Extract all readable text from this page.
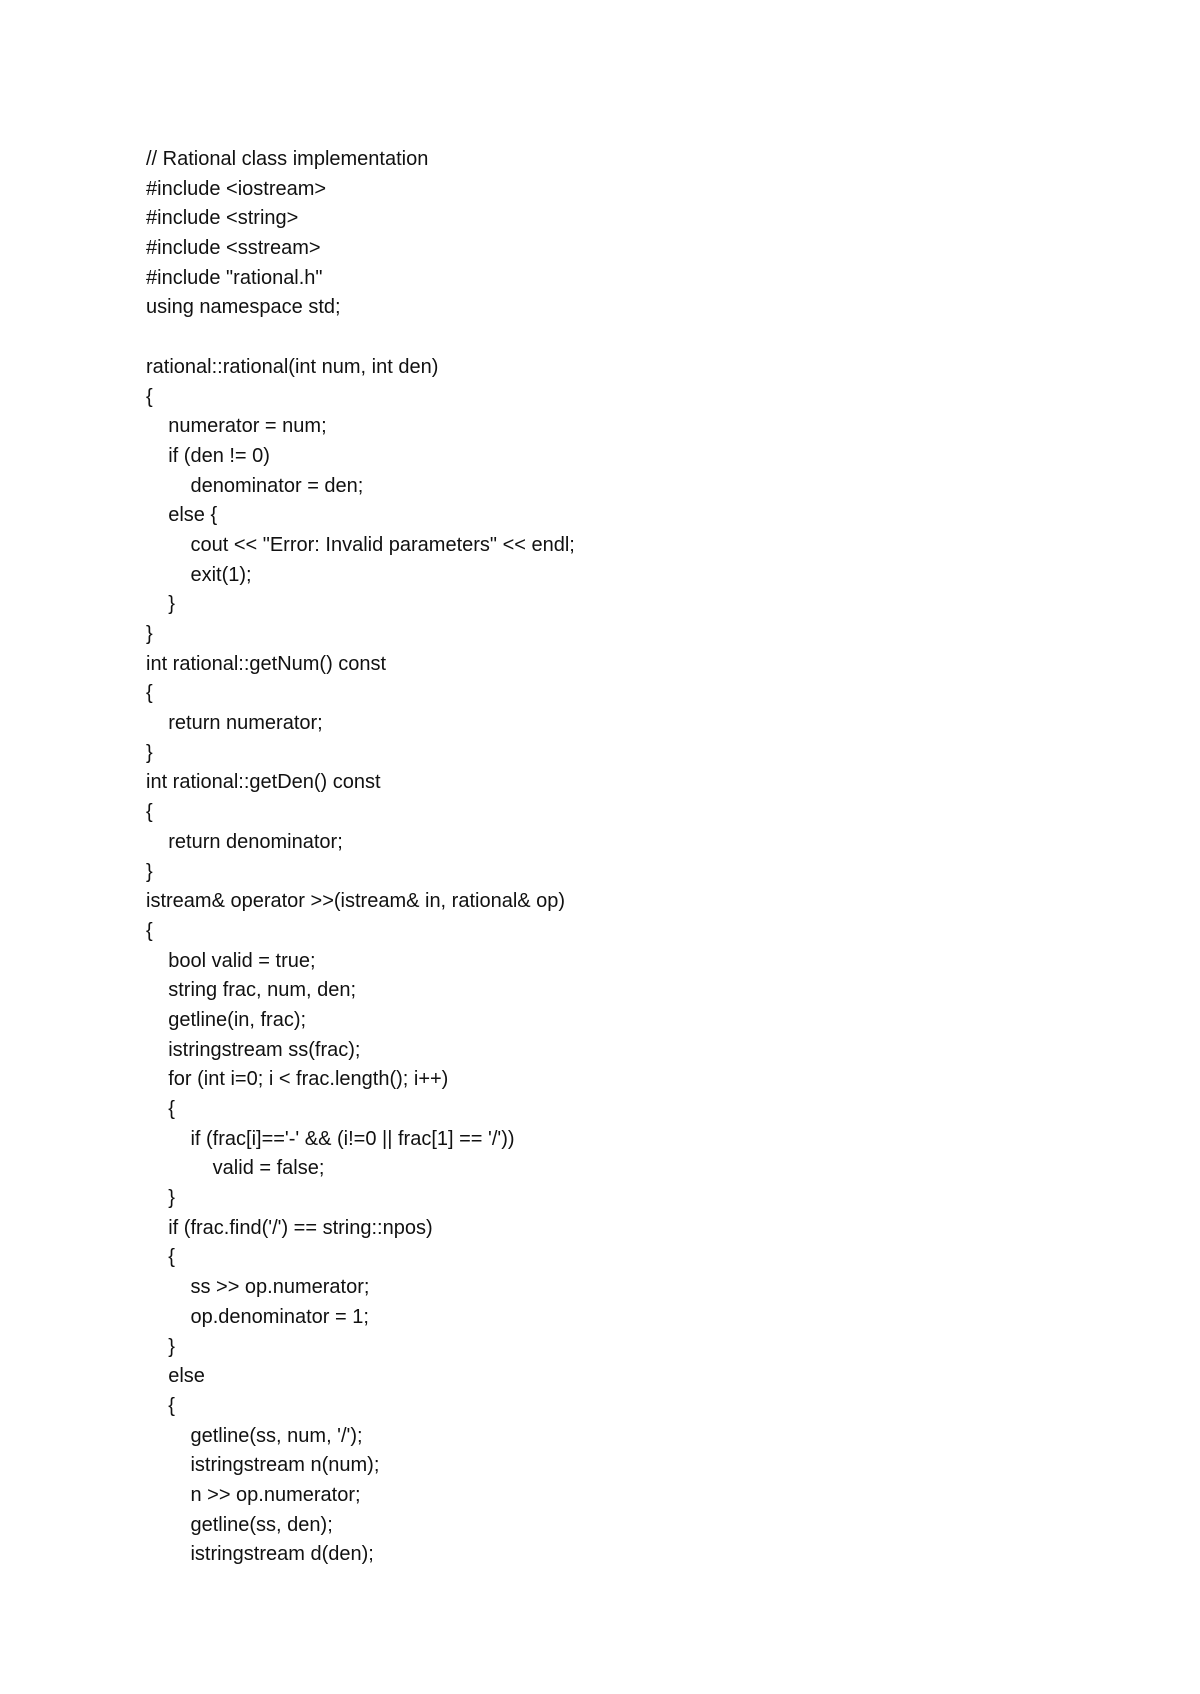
// Rational class implementation
#include <iostream>
#include <string>
#include <sstream>
#include "rational.h"
using namespace std;
rational::rational(int num, int den)
{
numerator = num;
if (den != 0)
denominator = den;
else {
cout << "Error: Invalid parameters" << endl;
exit(1);
}
}
int rational::getNum() const
{
return numerator;
}
int rational::getDen() const
{
return denominator;
}
istream& operator >>(istream& in, rational& op)
{
bool valid = true;
string frac, num, den;
getline(in, frac);
istringstream ss(frac);
for (int i=0; i < frac.length(); i++)
{
if (frac[i]=='-' && (i!=0 || frac[1] == '/'))
valid = false;
}
if (frac.find('/') == string::npos)
{
ss >> op.numerator;
op.denominator = 1;
}
else
{
getline(ss, num, '/');
istringstream n(num);
n >> op.numerator;
getline(ss, den);
istringstream d(den);
